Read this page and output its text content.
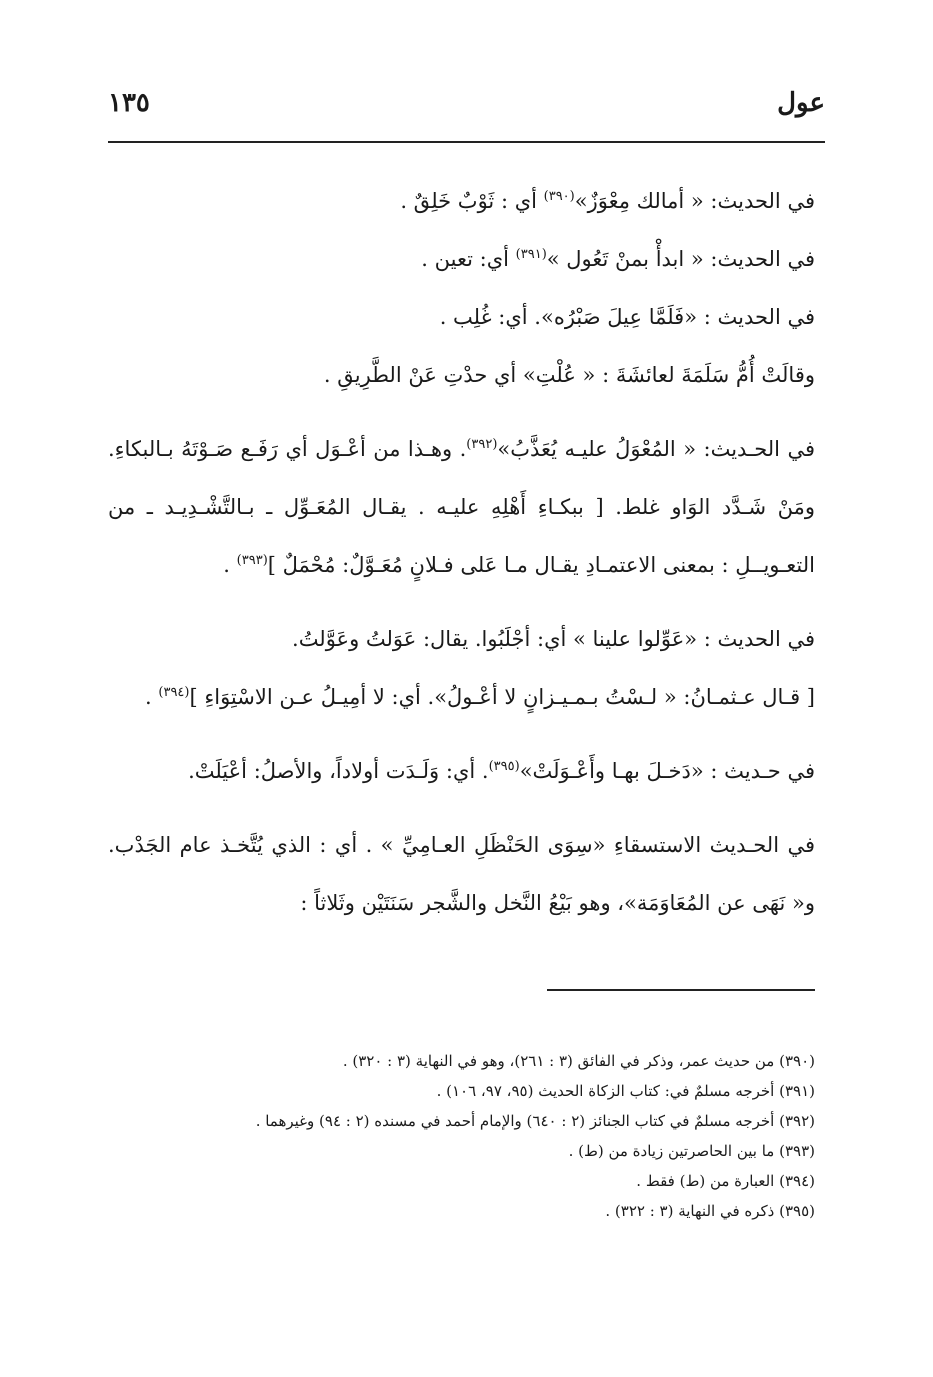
عول
١٣٥

في الحديث: « أمالك مِعْوَزٌ»$^{(٣٩٠)}$ أي : ثَوْبٌ خَلِقٌ .

في الحديث: « ابدأْ بمنْ تَعُول »$^{(٣٩١)}$ أي: تعين .

في الحديث : «فَلَمَّا عِيلَ صَبْرُه». أي: غُلِب .

وقالَتْ أُمُّ سَلَمَةَ لعائشَةَ : « عُلْتِ» أي حدْتِ عَنْ الطَّرِيقِ .

في الحـديث: « المُعْوَلُ عليـه يُعَذَّبُ»$^{(٣٩٢)}$. وهـذا من أعْـوَل أي رَفَـع صَـوْتَهُ بـالبكاءِ. ومَنْ شَـدَّد الوَاو غلط. [ ببكـاءِ أَهْلِهِ عليـه . يقـال المُعَـوِّل ـ بـالتَّشْـدِيـد ـ من التعـويــلِ : بمعنى الاعتمـادِ يقـال مـا عَلى فـلانٍ مُعَـوَّلٌ: مُحْمَلٌ ]$^{(٣٩٣)}$ .

في الحديث : «عَوِّلوا علينا » أي: أجْلَبُوا. يقال: عَوَلتُ وعَوَّلتُ.

[ قـال عـثمـانُ: « لـسْتُ بـمـيـزانٍ لا أعْـولُ». أي: لا أمِيـلُ عـن الاسْتِوَاءِ ]$^{(٣٩٤)}$ .

في حـديث : «دَخـلَ بهـا وأَعْـوَلَتْ»$^{(٣٩٥)}$. أي: وَلَـدَت أولاداً، والأصلُ: أعْيَلَتْ.

في الحـديث الاستسقاءِ «سِوَى الحَنْظَلِ العـامِيِّ » . أي : الذي يُتَّخـذ عام الجَدْب. و« نَهَى عن المُعَاوَمَة»، وهو بَيْعُ النَّخل والشَّجر سَنَتَيْن وثَلاثاً :

(٣٩٠) من حديث عمر، وذكر في الفائق (٣ : ٢٦١)، وهو في النهاية (٣ : ٣٢٠) .
(٣٩١) أخرجه مسلمٌ في: كتاب الزكاة الحديث (٩٥، ٩٧، ١٠٦) .
(٣٩٢) أخرجه مسلمٌ في كتاب الجنائز (٢ : ٦٤٠) والإمام أحمد في مسنده (٢ : ٩٤) وغيرهما .
(٣٩٣) ما بين الحاصرتين زيادة من (ط) .
(٣٩٤) العبارة من (ط) فقط .
(٣٩٥) ذكره في النهاية (٣ : ٣٢٢) .
